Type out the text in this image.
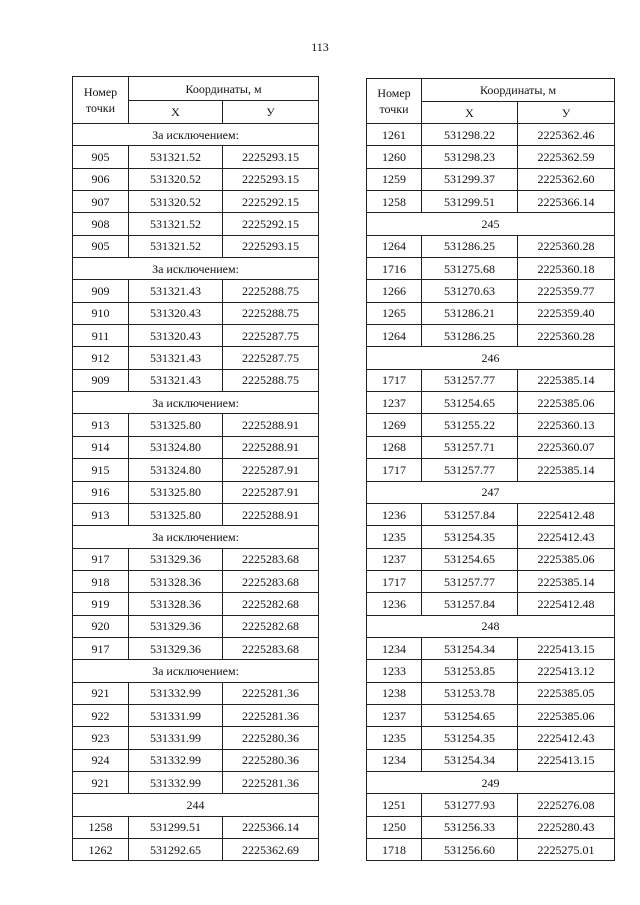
113
Номер точки	Координаты, м	
	X	У
За исключением:		
905	531321.52	2225293.15
906	531320.52	2225293.15
907	531320.52	2225292.15
908	531321.52	2225292.15
905	531321.52	2225293.15
За исключением:		
909	531321.43	2225288.75
910	531320.43	2225288.75
911	531320.43	2225287.75
912	531321.43	2225287.75
909	531321.43	2225288.75
За исключением:		
913	531325.80	2225288.91
914	531324.80	2225288.91
915	531324.80	2225287.91
916	531325.80	2225287.91
913	531325.80	2225288.91
За исключением:		
917	531329.36	2225283.68
918	531328.36	2225283.68
919	531328.36	2225282.68
920	531329.36	2225282.68
917	531329.36	2225283.68
За исключением:		
921	531332.99	2225281.36
922	531331.99	2225281.36
923	531331.99	2225280.36
924	531332.99	2225280.36
921	531332.99	2225281.36
244		
1258	531299.51	2225366.14
1262	531292.65	2225362.69
Номер точки	Координаты, м	
	X	У
1261	531298.22	2225362.46
1260	531298.23	2225362.59
1259	531299.37	2225362.60
1258	531299.51	2225366.14
245		
1264	531286.25	2225360.28
1716	531275.68	2225360.18
1266	531270.63	2225359.77
1265	531286.21	2225359.40
1264	531286.25	2225360.28
246		
1717	531257.77	2225385.14
1237	531254.65	2225385.06
1269	531255.22	2225360.13
1268	531257.71	2225360.07
1717	531257.77	2225385.14
247		
1236	531257.84	2225412.48
1235	531254.35	2225412.43
1237	531254.65	2225385.06
1717	531257.77	2225385.14
1236	531257.84	2225412.48
248		
1234	531254.34	2225413.15
1233	531253.85	2225413.12
1238	531253.78	2225385.05
1237	531254.65	2225385.06
1235	531254.35	2225412.43
1234	531254.34	2225413.15
249		
1251	531277.93	2225276.08
1250	531256.33	2225280.43
1718	531256.60	2225275.01
